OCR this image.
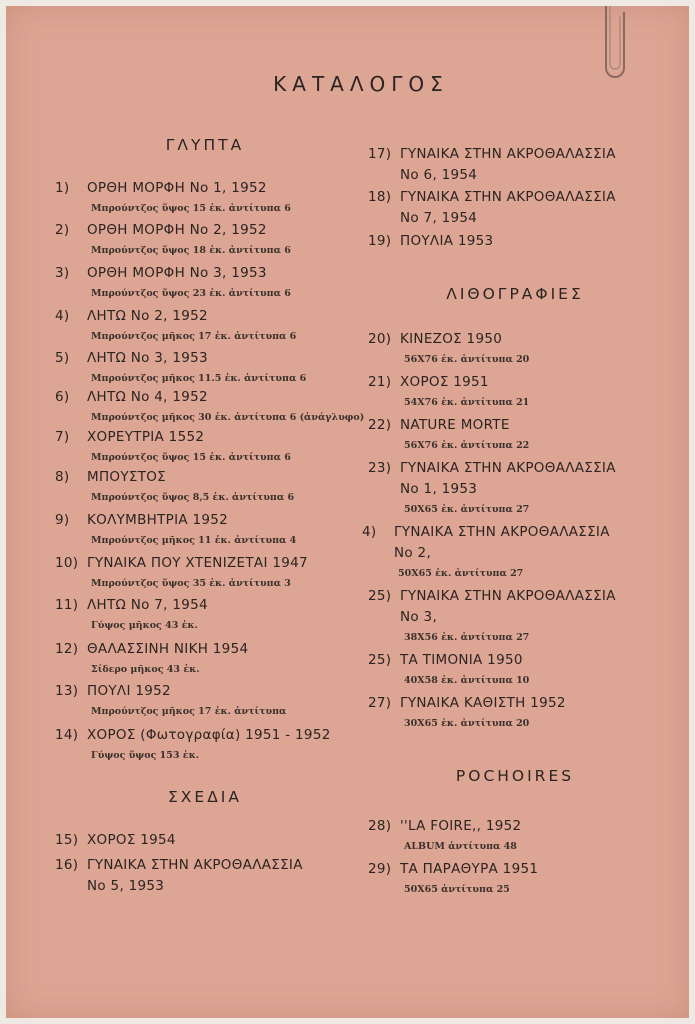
ΚΑΤΑΛΟΓΟΣ
ΓΛΥΠΤΑ
ΣΧΕΔΙΑ
ΛΙΘΟΓΡΑΦΙΕΣ
POCHOIRES
1) ΟΡΘΗ ΜΟΡΦΗ Νο 1, 1952
Μπρούντζος ὕψος 15 ἑκ. ἀντίτυπα 6
2) ΟΡΘΗ ΜΟΡΦΗ Νο 2, 1952
Μπρούντζος ὕψος 18 ἑκ. ἀντίτυπα 6
3) ΟΡΘΗ ΜΟΡΦΗ Νο 3, 1953
Μπρούντζος ὕψος 23 ἑκ. ἀντίτυπα 6
4) ΛΗΤΩ Νο 2, 1952
Μπρούντζος μῆκος 17 ἑκ. ἀντίτυπα 6
5) ΛΗΤΩ Νο 3, 1953
Μπρούντζος μῆκος 11.5 ἑκ. ἀντίτυπα 6
6) ΛΗΤΩ Νο 4, 1952
Μπρούντζος μῆκος 30 ἑκ. ἀντίτυπα 6 (ἀνάγλυφο)
7) ΧΟΡΕΥΤΡΙΑ 1552
Μπρούντζος ὕψος 15 ἑκ. ἀντίτυπα 6
8) ΜΠΟΥΣΤΟΣ
Μπρούντζος ὕψος 8,5 ἑκ. ἀντίτυπα 6
9) ΚΟΛΥΜΒΗΤΡΙΑ 1952
Μπρούντζος μῆκος 11 ἑκ. ἀντίτυπα 4
10) ΓΥΝΑΙΚΑ ΠΟΥ ΧΤΕΝΙΖΕΤΑΙ 1947
Μπρούντζος ὕψος 35 ἑκ. ἀντίτυπα 3
11) ΛΗΤΩ Νο 7, 1954
Γύψος μῆκος 43 ἑκ.
12) ΘΑΛΑΣΣΙΝΗ ΝΙΚΗ 1954
Σίδερο μῆκος 43 ἑκ.
13) ΠΟΥΛΙ 1952
Μπρούντζος μῆκος 17 ἑκ. ἀντίτυπα
14) ΧΟΡΟΣ (Φωτογραφία) 1951 - 1952
Γύψος ὕψος 153 ἑκ.
15) ΧΟΡΟΣ 1954
16) ΓΥΝΑΙΚΑ ΣΤΗΝ ΑΚΡΟΘΑΛΑΣΣΙΑ
Νο 5, 1953
17) ΓΥΝΑΙΚΑ ΣΤΗΝ ΑΚΡΟΘΑΛΑΣΣΙΑ
Νο 6, 1954
18) ΓΥΝΑΙΚΑ ΣΤΗΝ ΑΚΡΟΘΑΛΑΣΣΙΑ
Νο 7, 1954
19) ΠΟΥΛΙΑ 1953
20) ΚΙΝΕΖΟΣ 1950
56Χ76 ἑκ. ἀντίτυπα 20
21) ΧΟΡΟΣ 1951
54Χ76 ἑκ. ἀντίτυπα 21
22) NATURE MORTE
56Χ76 ἑκ. ἀντίτυπα 22
23) ΓΥΝΑΙΚΑ ΣΤΗΝ ΑΚΡΟΘΑΛΑΣΣΙΑ
Νο 1, 1953
50Χ65 ἑκ. ἀντίτυπα 27
4) ΓΥΝΑΙΚΑ ΣΤΗΝ ΑΚΡΟΘΑΛΑΣΣΙΑ
Νο 2,
50Χ65 ἑκ. ἀντίτυπα 27
25) ΓΥΝΑΙΚΑ ΣΤΗΝ ΑΚΡΟΘΑΛΑΣΣΙΑ
Νο 3,
38Χ56 ἑκ. ἀντίτυπα 27
25) ΤΑ ΤΙΜΟΝΙΑ 1950
40Χ58 ἑκ. ἀντίτυπα 10
27) ΓΥΝΑΙΚΑ ΚΑΘΙΣΤΗ 1952
30Χ65 ἑκ. ἀντίτυπα 20
28) ''LA FOIRE,, 1952
ALBUM ἀντίτυπα 48
29) ΤΑ ΠΑΡΑΘΥΡΑ 1951
50Χ65 ἀντίτυπα 25
